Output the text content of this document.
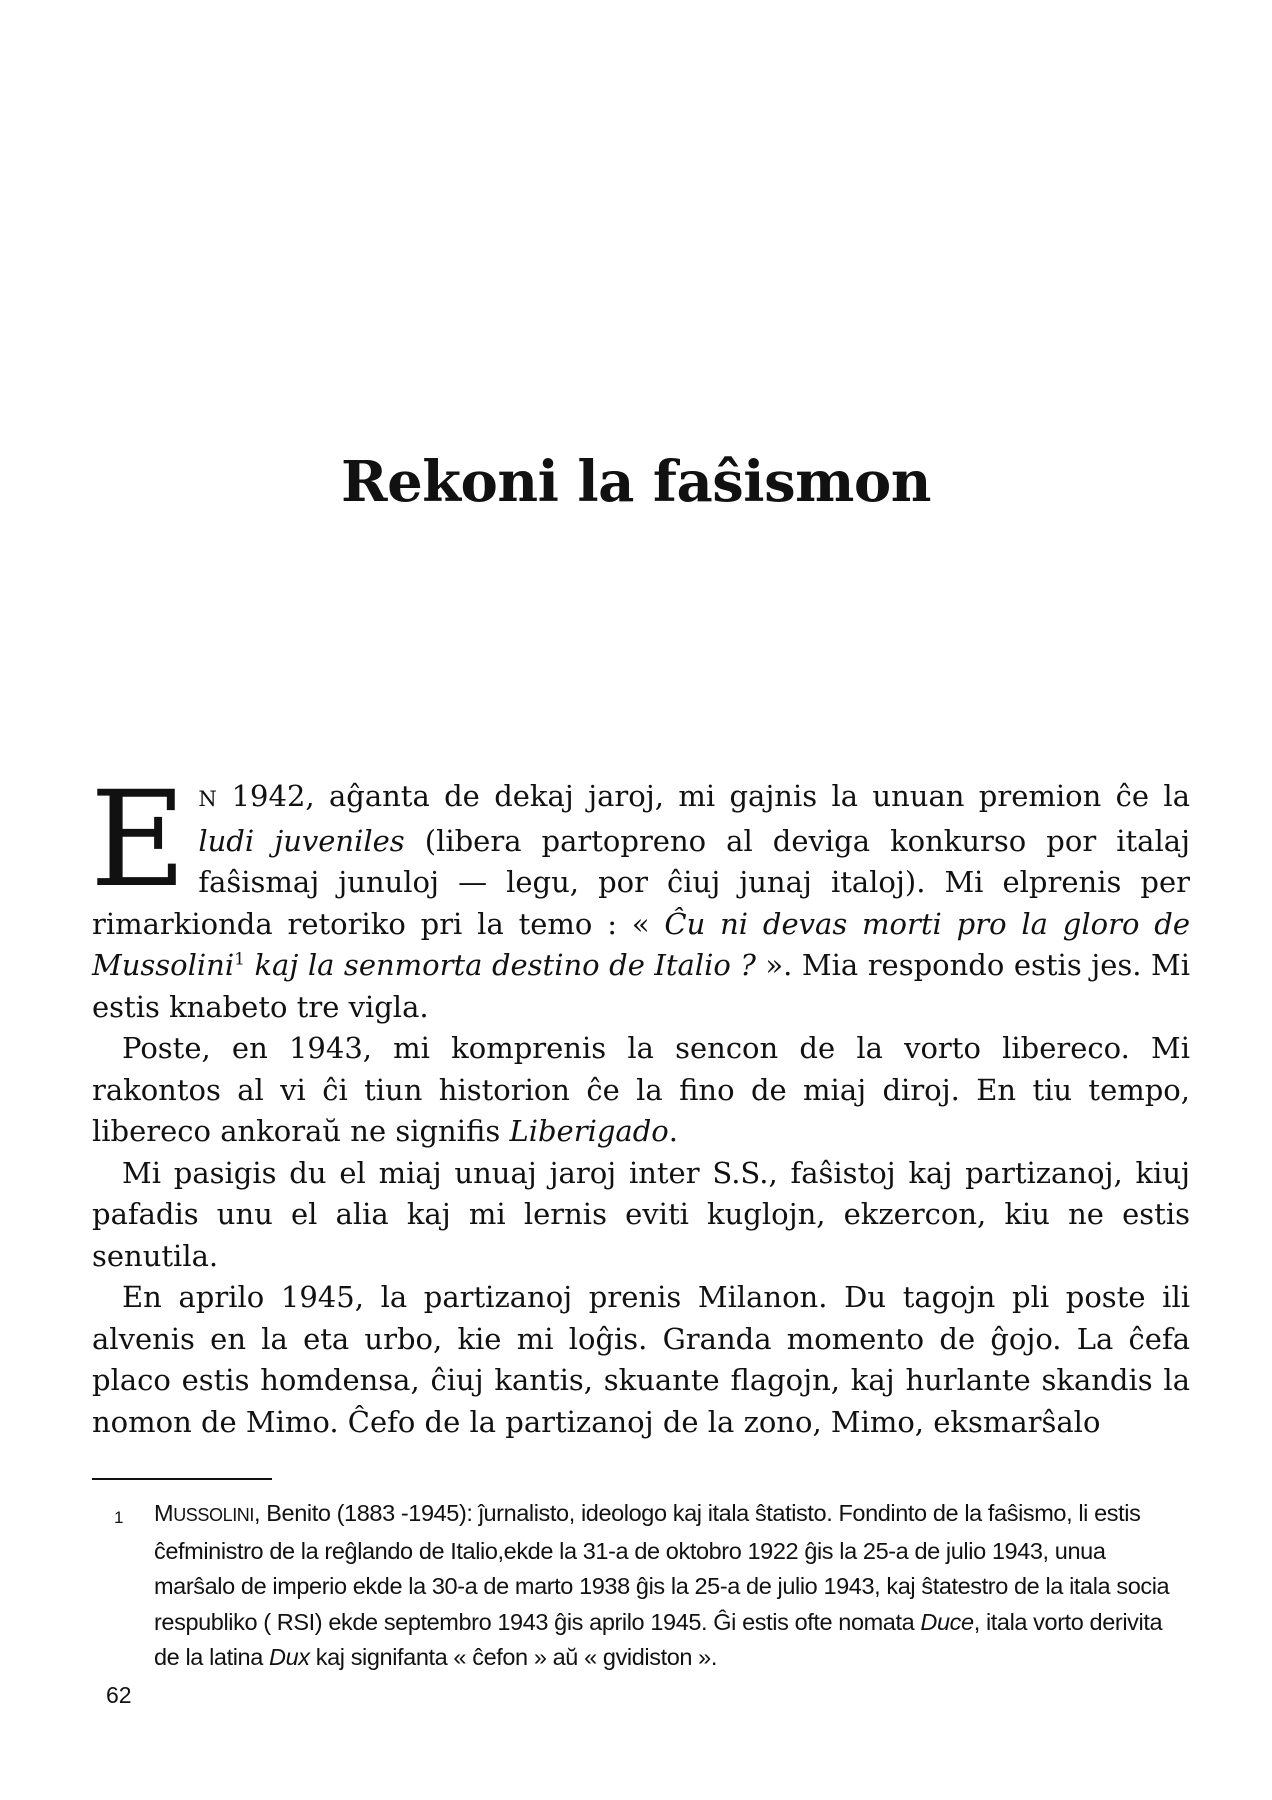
Rekoni la faŝismon

EN 1942, aĝanta de dekaj jaroj, mi gajnis la unuan premion ĉe la ludi juveniles (libera partopreno al deviga konkurso por italaj faŝismaj junuloj — legu, por ĉiuj junaj italoj). Mi elprenis per rimarkionda retoriko pri la temo : « Ĉu ni devas morti pro la gloro de Mussolini$^1$ kaj la senmorta destino de Italio ? ». Mia respondo estis jes. Mi estis knabeto tre vigla.

Poste, en 1943, mi komprenis la sencon de la vorto libereco. Mi rakontos al vi ĉi tiun historion ĉe la fino de miaj diroj. En tiu tempo, libereco ankoraŭ ne signifis Liberigado.

Mi pasigis du el miaj unuaj jaroj inter S.S., faŝistoj kaj partizanoj, kiuj pafadis unu el alia kaj mi lernis eviti kuglojn, ekzercon, kiu ne estis senutila.

En aprilo 1945, la partizanoj prenis Milanon. Du tagojn pli poste ili alvenis en la eta urbo, kie mi loĝis. Granda momento de ĝojo. La ĉefa placo estis homdensa, ĉiuj kantis, skuante flagojn, kaj hurlante skandis la nomon de Mimo. Ĉefo de la partizanoj de la zono, Mimo, eksmarŝalo

1 MUSSOLINI, Benito (1883 -1945): ĵurnalisto, ideologo kaj itala ŝtatisto. Fondinto de la faŝismo, li estis ĉefministro de la reĝlando de Italio,ekde la 31-a de oktobro 1922 ĝis la 25-a de julio 1943, unua marŝalo de imperio ekde la 30-a de marto 1938 ĝis la 25-a de julio 1943, kaj ŝtatestro de la itala socia respubliko ( RSI) ekde septembro 1943 ĝis aprilo 1945. Ĝi estis ofte nomata Duce, itala vorto derivita de la latina Dux kaj signifanta « ĉefon » aŭ « gvidiston ».
62
